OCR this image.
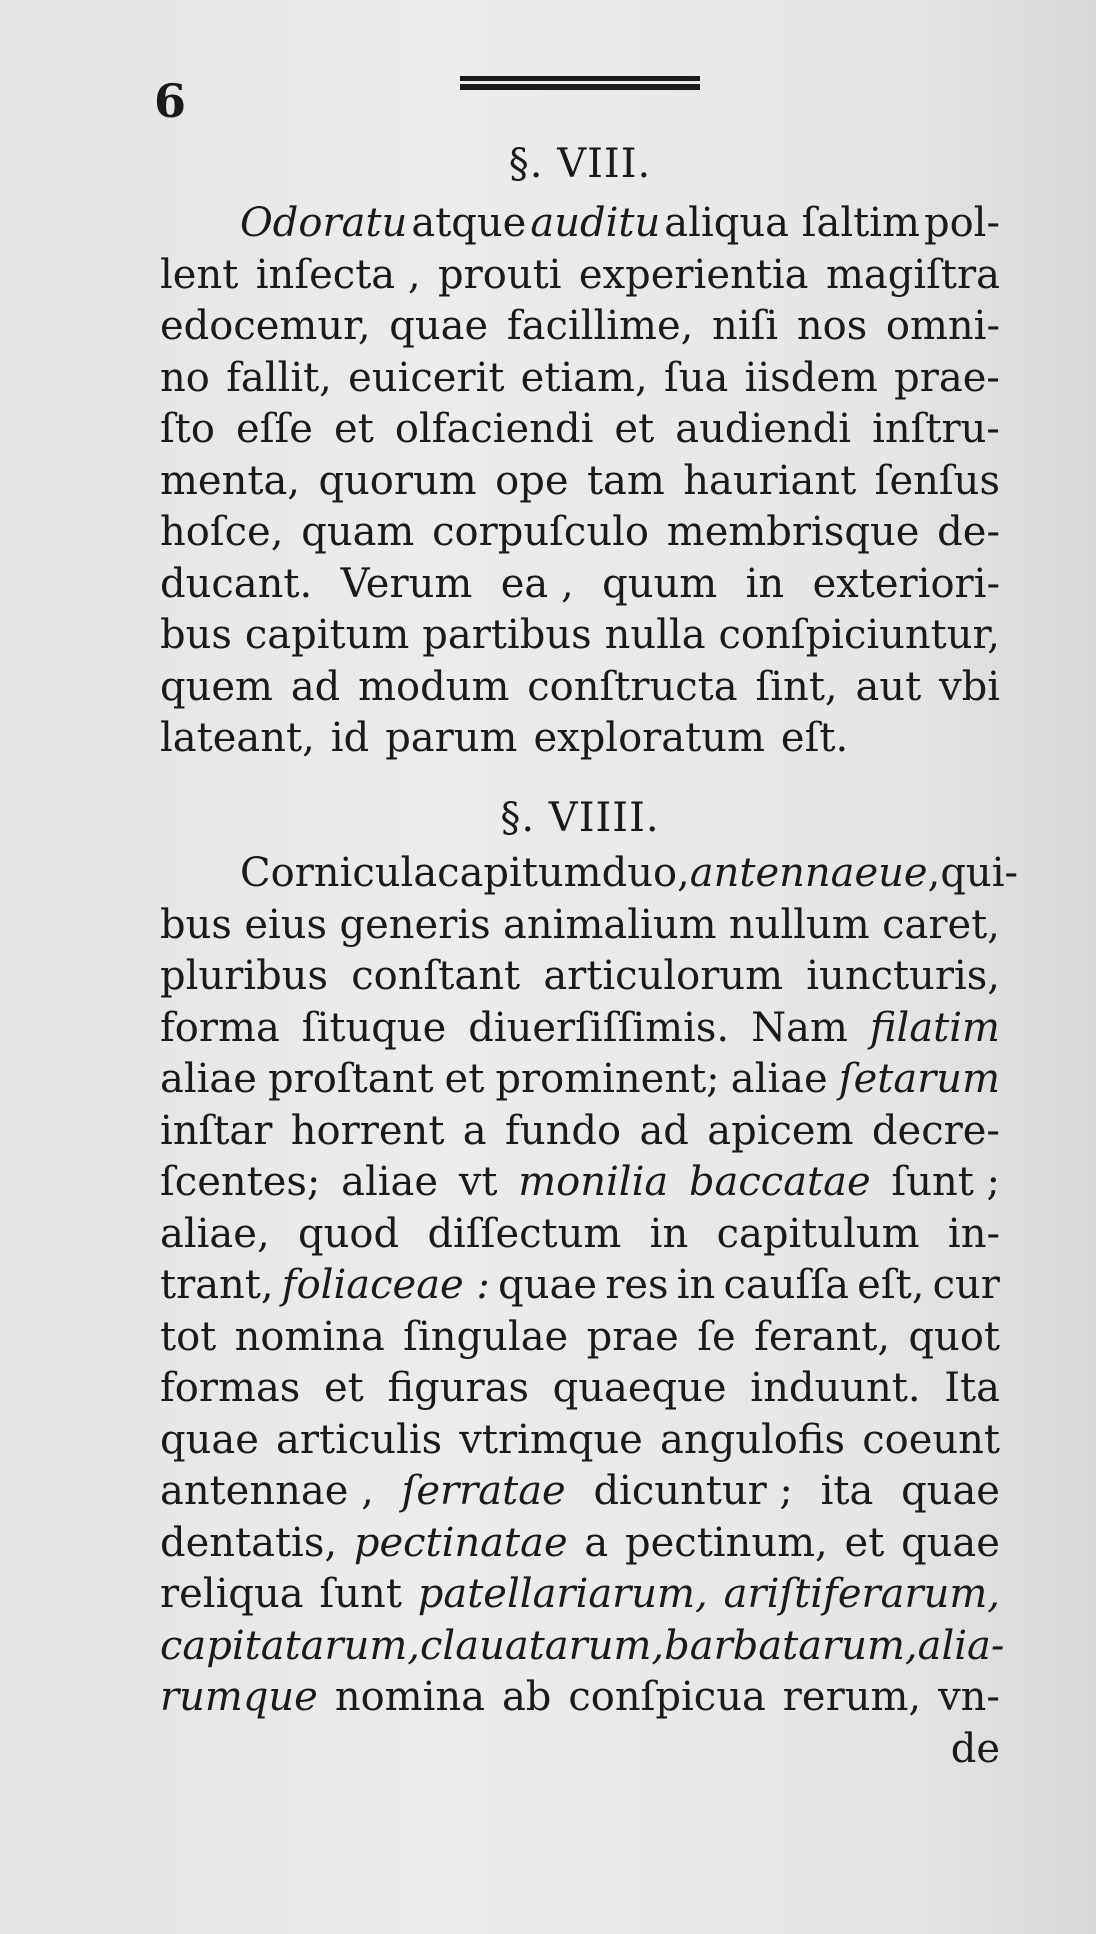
6
§. VIII.
Odoratu atque auditu aliqua ſaltim pol-
lent inſecta , prouti experientia magiſtra
edocemur, quae facillime, niſi nos omni-
no fallit, euicerit etiam, ſua iisdem prae-
ſto eſſe et olfaciendi et audiendi inſtru-
menta, quorum ope tam hauriant ſenſus
hoſce, quam corpuſculo membrisque de-
ducant. Verum ea , quum in exteriori-
bus capitum partibus nulla conſpiciuntur,
quem ad modum conſtructa ſint, aut vbi
lateant, id parum exploratum eſt.
§. VIIII.
Cornicula capitum duo, antennaeue ,qui-
bus eius generis animalium nullum caret,
pluribus conſtant articulorum iuncturis,
forma ſituque diuerſiſſimis. Nam filatim
aliae proſtant et prominent; aliae ſetarum
inſtar horrent a fundo ad apicem decre-
ſcentes; aliae vt monilia baccatae ſunt ;
aliae, quod diſſectum in capitulum in-
trant, foliaceae : quae res in cauſſa eſt, cur
tot nomina ſingulae prae ſe ferant, quot
formas et figuras quaeque induunt. Ita
quae articulis vtrimque angulofis coeunt
antennae , ſerratae dicuntur ; ita quae
dentatis, pectinatae a pectinum, et quae
reliqua ſunt patellariarum, ariſtiferarum,
capitatarum, clauatarum, barbatarum, alia-
rumque nomina ab conſpicua rerum, vn-
de
